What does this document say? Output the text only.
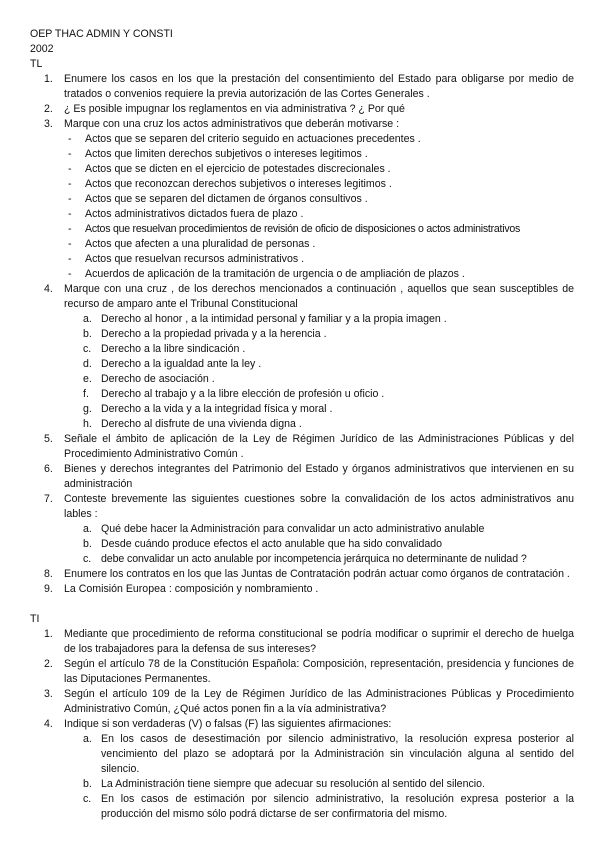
OEP THAC ADMIN Y CONSTI

2002

TL

1. Enumere los casos en los que la prestación del consentimiento del Estado para obligarse por medio de tratados o convenios requiere la previa autorización de las Cortes Generales .
2. ¿ Es posible impugnar los reglamentos en via administrativa ? ¿ Por qué
3. Marque con una cruz los actos administrativos que deberán motivarse :
- Actos que se separen del criterio seguido en actuaciones precedentes .
- Actos que limiten derechos subjetivos o intereses legitimos .
- Actos que se dicten en el ejercicio de potestades discrecionales .
- Actos que reconozcan derechos subjetivos o intereses legitimos .
- Actos que se separen del dictamen de órganos consultivos .
- Actos administrativos dictados fuera de plazo .
- Actos que resuelvan procedimientos de revisión de oficio de disposiciones o actos administrativos
- Actos que afecten a una pluralidad de personas .
- Actos que resuelvan recursos administrativos .
- Acuerdos de aplicación de la tramitación de urgencia o de ampliación de plazos .
4. Marque con una cruz , de los derechos mencionados a continuación , aquellos que sean susceptibles de recurso de amparo ante el Tribunal Constitucional
a. Derecho al honor , a la intimidad personal y familiar y a la propia imagen .
b. Derecho a la propiedad privada y a la herencia .
c. Derecho a la libre sindicación .
d. Derecho a la igualdad ante la ley .
e. Derecho de asociación .
f. Derecho al trabajo y a la libre elección de profesión u oficio .
g. Derecho a la vida y a la integridad física y moral .
h. Derecho al disfrute de una vivienda digna .
5. Señale el ámbito de aplicación de la Ley de Régimen Jurídico de las Administraciones Públicas y del Procedimiento Administrativo Común .
6. Bienes y derechos integrantes del Patrimonio del Estado y órganos administrativos que intervienen en su administración
7. Conteste brevemente las siguientes cuestiones sobre la convalidación de los actos administrativos anu lables :
a. Qué debe hacer la Administración para convalidar un acto administrativo anulable
b. Desde cuándo produce efectos el acto anulable que ha sido convalidado
c. debe convalidar un acto anulable por incompetencia jerárquica no determinante de nulidad ?
8. Enumere los contratos en los que las Juntas de Contratación podrán actuar como órganos de contratación .
9. La Comisión Europea : composición y nombramiento .

TI

1. Mediante que procedimiento de reforma constitucional se podría modificar o suprimir el derecho de huelga de los trabajadores para la defensa de sus intereses?
2. Según el artículo 78 de la Constitución Española: Composición, representación, presidencia y funciones de las Diputaciones Permanentes.
3. Según el artículo 109 de la Ley de Régimen Jurídico de las Administraciones Públicas y Procedimiento Administrativo Común, ¿Qué actos ponen fin a la vía administrativa?
4. Indique si son verdaderas (V) o falsas (F) las siguientes afirmaciones:
a. En los casos de desestimación por silencio administrativo, la resolución expresa posterior al vencimiento del plazo se adoptará por la Administración sin vinculación alguna al sentido del silencio.
b. La Administración tiene siempre que adecuar su resolución al sentido del silencio.
c. En los casos de estimación por silencio administrativo, la resolución expresa posterior a la producción del mismo sólo podrá dictarse de ser confirmatoria del mismo.
